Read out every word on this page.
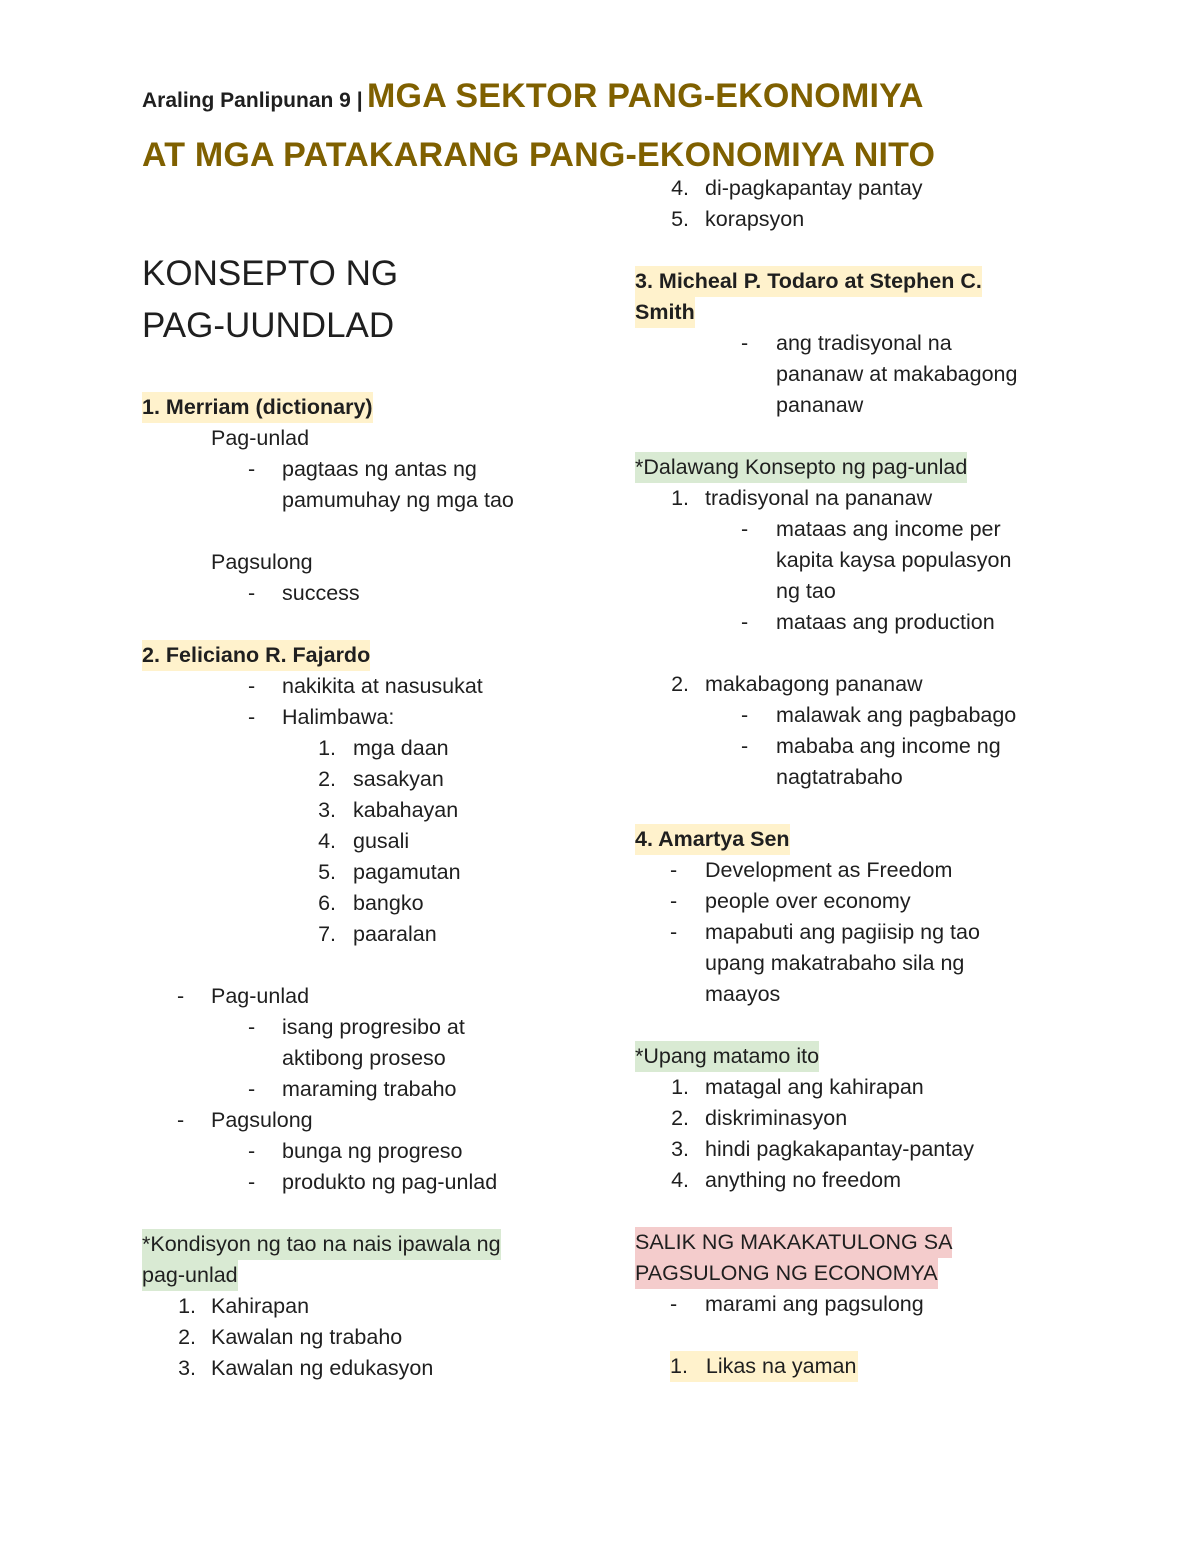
Araling Panlipunan 9 | MGA SEKTOR PANG-EKONOMIYA
AT MGA PATAKARANG PANG-EKONOMIYA NITO
KONSEPTO NG
PAG-UUNDLAD
1. Merriam (dictionary)
Pag-unlad
- pagtaas ng antas ng
pamumuhay ng mga tao
Pagsulong
- success
2. Feliciano R. Fajardo
- nakikita at nasusukat
- Halimbawa:
1. mga daan
2. sasakyan
3. kabahayan
4. gusali
5. pagamutan
6. bangko
7. paaralan
- Pag-unlad
- isang progresibo at
aktibong proseso
- maraming trabaho
- Pagsulong
- bunga ng progreso
- produkto ng pag-unlad
*Kondisyon ng tao na nais ipawala ng
pag-unlad
1. Kahirapan
2. Kawalan ng trabaho
3. Kawalan ng edukasyon
4. di-pagkapantay pantay
5. korapsyon
3. Micheal P. Todaro at Stephen C.
Smith
- ang tradisyonal na
pananaw at makabagong
pananaw
*Dalawang Konsepto ng pag-unlad
1. tradisyonal na pananaw
- mataas ang income per
kapita kaysa populasyon
ng tao
- mataas ang production
2. makabagong pananaw
- malawak ang pagbabago
- mababa ang income ng
nagtatrabaho
4. Amartya Sen
- Development as Freedom
- people over economy
- mapabuti ang pagiisip ng tao
upang makatrabaho sila ng
maayos
*Upang matamo ito
1. matagal ang kahirapan
2. diskriminasyon
3. hindi pagkakapantay-pantay
4. anything no freedom
SALIK NG MAKAKATULONG SA
PAGSULONG NG ECONOMYA
- marami ang pagsulong
1. Likas na yaman
